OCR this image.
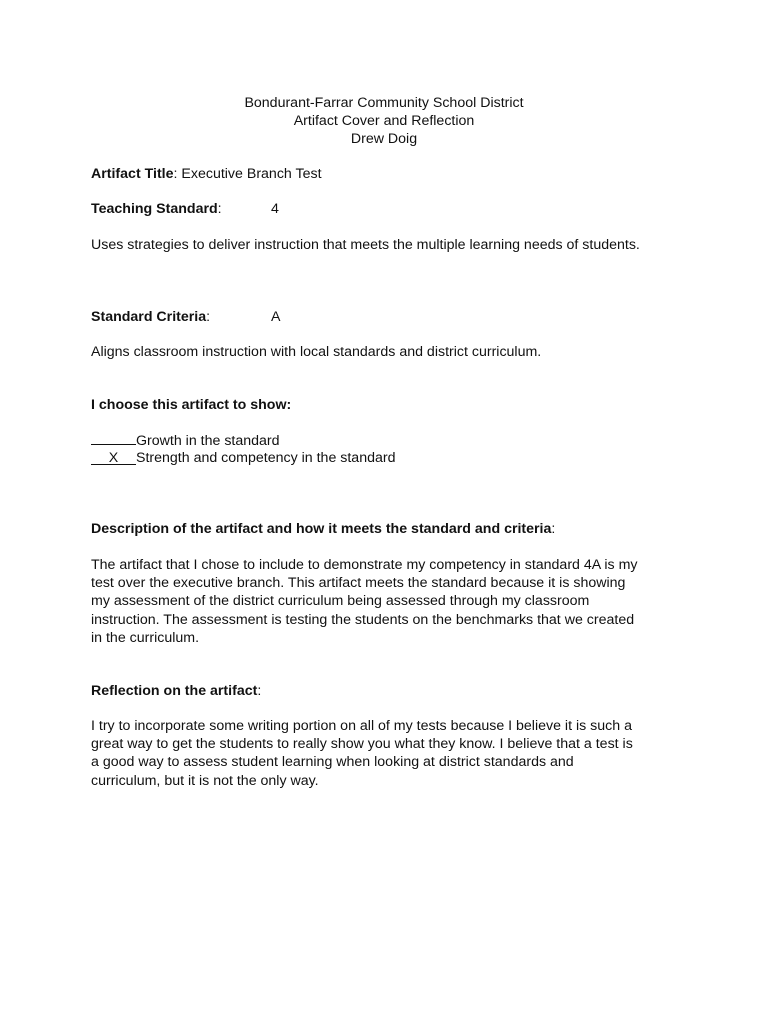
Bondurant-Farrar Community School District
Artifact Cover and Reflection
Drew Doig
Artifact Title: Executive Branch Test
Teaching Standard:	4
Uses strategies to deliver instruction that meets the multiple learning needs of students.
Standard Criteria:	A
Aligns classroom instruction with local standards and district curriculum.
I choose this artifact to show:
Growth in the standard
X Strength and competency in the standard
Description of the artifact and how it meets the standard and criteria:
The artifact that I chose to include to demonstrate my competency in standard 4A is my
test over the executive branch. This artifact meets the standard because it is showing
my assessment of the district curriculum being assessed through my classroom
instruction. The assessment is testing the students on the benchmarks that we created
in the curriculum.
Reflection on the artifact:
I try to incorporate some writing portion on all of my tests because I believe it is such a
great way to get the students to really show you what they know. I believe that a test is
a good way to assess student learning when looking at district standards and
curriculum, but it is not the only way.
